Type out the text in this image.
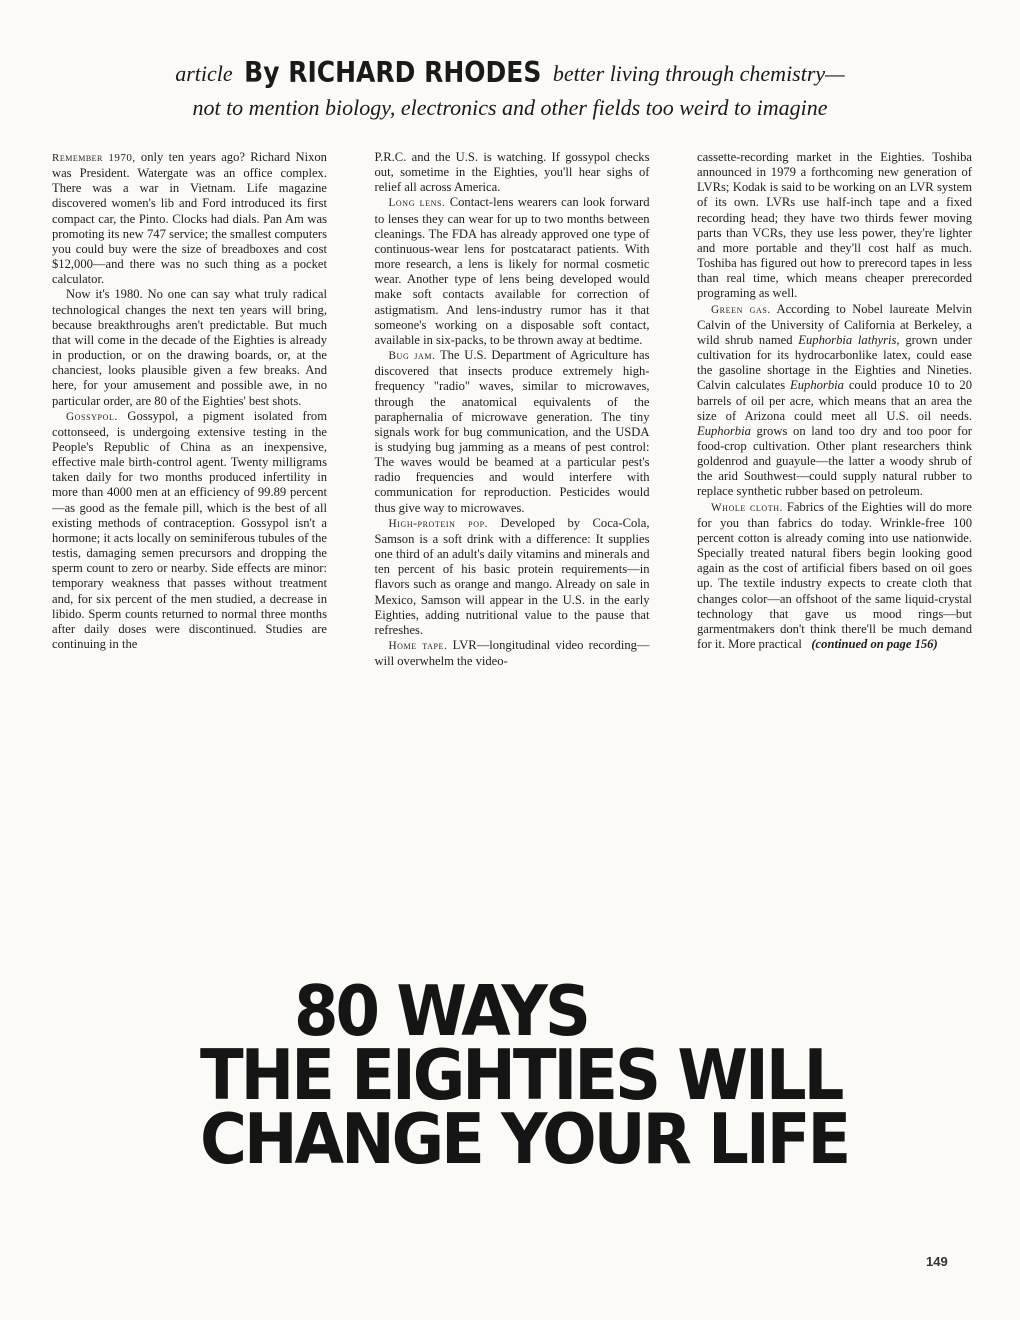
article By RICHARD RHODES better living through chemistry—
not to mention biology, electronics and other fields too weird to imagine

Remember 1970, only ten years ago? Richard Nixon was President. Watergate was an office complex. There was a war in Vietnam. Life magazine discovered women's lib and Ford introduced its first compact car, the Pinto. Clocks had dials. Pan Am was promoting its new 747 service; the smallest computers you could buy were the size of breadboxes and cost $12,000—and there was no such thing as a pocket calculator.

Now it's 1980. No one can say what truly radical technological changes the next ten years will bring, because breakthroughs aren't predictable. But much that will come in the decade of the Eighties is already in production, or on the drawing boards, or, at the chanciest, looks plausible given a few breaks. And here, for your amusement and possible awe, in no particular order, are 80 of the Eighties' best shots.

Gossypol. Gossypol, a pigment isolated from cottonseed, is undergoing extensive testing in the People's Republic of China as an inexpensive, effective male birth-control agent. Twenty milligrams taken daily for two months produced infertility in more than 4000 men at an efficiency of 99.89 percent—as good as the female pill, which is the best of all existing methods of contraception. Gossypol isn't a hormone; it acts locally on seminiferous tubules of the testis, damaging semen precursors and dropping the sperm count to zero or nearby. Side effects are minor: temporary weakness that passes without treatment and, for six percent of the men studied, a decrease in libido. Sperm counts returned to normal three months after daily doses were discontinued. Studies are continuing in the

P.R.C. and the U.S. is watching. If gossypol checks out, sometime in the Eighties, you'll hear sighs of relief all across America.

Long lens. Contact-lens wearers can look forward to lenses they can wear for up to two months between cleanings. The FDA has already approved one type of continuous-wear lens for postcataract patients. With more research, a lens is likely for normal cosmetic wear. Another type of lens being developed would make soft contacts available for correction of astigmatism. And lens-industry rumor has it that someone's working on a disposable soft contact, available in six-packs, to be thrown away at bedtime.

Bug jam. The U.S. Department of Agriculture has discovered that insects produce extremely high-frequency "radio" waves, similar to microwaves, through the anatomical equivalents of the paraphernalia of microwave generation. The tiny signals work for bug communication, and the USDA is studying bug jamming as a means of pest control: The waves would be beamed at a particular pest's radio frequencies and would interfere with communication for reproduction. Pesticides would thus give way to microwaves.

High-protein pop. Developed by Coca-Cola, Samson is a soft drink with a difference: It supplies one third of an adult's daily vitamins and minerals and ten percent of his basic protein requirements—in flavors such as orange and mango. Already on sale in Mexico, Samson will appear in the U.S. in the early Eighties, adding nutritional value to the pause that refreshes.

Home tape. LVR—longitudinal video recording—will overwhelm the video-

cassette-recording market in the Eighties. Toshiba announced in 1979 a forthcoming new generation of LVRs; Kodak is said to be working on an LVR system of its own. LVRs use half-inch tape and a fixed recording head; they have two thirds fewer moving parts than VCRs, they use less power, they're lighter and more portable and they'll cost half as much. Toshiba has figured out how to prerecord tapes in less than real time, which means cheaper prerecorded programing as well.

Green gas. According to Nobel laureate Melvin Calvin of the University of California at Berkeley, a wild shrub named Euphorbia lathyris, grown under cultivation for its hydrocarbonlike latex, could ease the gasoline shortage in the Eighties and Nineties. Calvin calculates Euphorbia could produce 10 to 20 barrels of oil per acre, which means that an area the size of Arizona could meet all U.S. oil needs. Euphorbia grows on land too dry and too poor for food-crop cultivation. Other plant researchers think goldenrod and guayule—the latter a woody shrub of the arid Southwest—could supply natural rubber to replace synthetic rubber based on petroleum.

Whole cloth. Fabrics of the Eighties will do more for you than fabrics do today. Wrinkle-free 100 percent cotton is already coming into use nationwide. Specially treated natural fibers begin looking good again as the cost of artificial fibers based on oil goes up. The textile industry expects to create cloth that changes color—an offshoot of the same liquid-crystal technology that gave us mood rings—but garmentmakers don't think there'll be much demand for it. More practical (continued on page 156)

80 WAYS
THE EIGHTIES WILL
CHANGE YOUR LIFE
149
